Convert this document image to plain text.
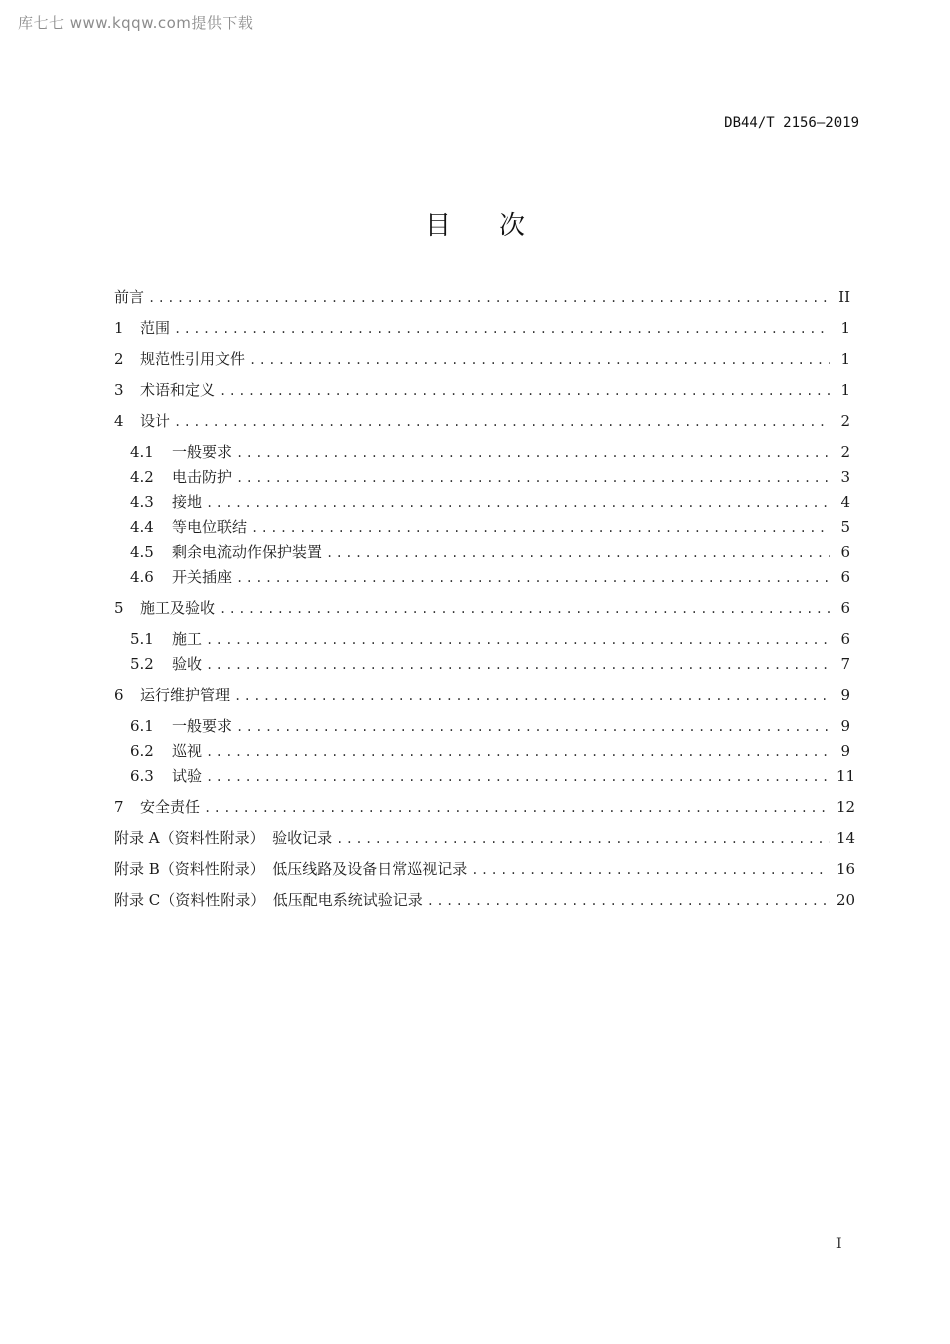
库七七 www.kqqw.com提供下载
DB44/T 2156—2019
目次
前言 .....	II
1	范围 .....	1
2	规范性引用文件 .....	1
3	术语和定义 .....	1
4	设计 .....	2
4.1	一般要求 .....	2
4.2	电击防护 .....	3
4.3	接地 .....	4
4.4	等电位联结 .....	5
4.5	剩余电流动作保护装置 .....	6
4.6	开关插座 .....	6
5	施工及验收 .....	6
5.1	施工 .....	6
5.2	验收 .....	7
6	运行维护管理 .....	9
6.1	一般要求 .....	9
6.2	巡视 .....	9
6.3	试验 .....	11
7	安全责任 .....	12
附录 A（资料性附录）　验收记录 .....	14
附录 B（资料性附录）　低压线路及设备日常巡视记录 .....	16
附录 C（资料性附录）　低压配电系统试验记录 .....	20
I
